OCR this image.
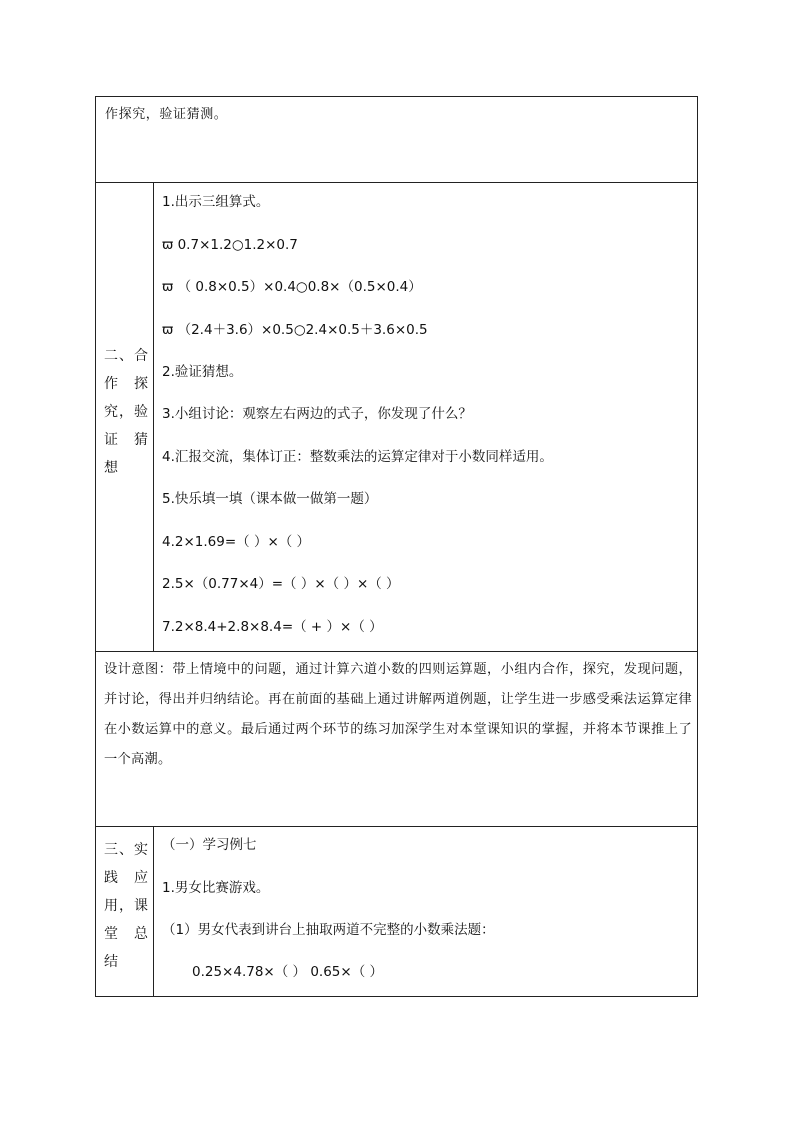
作探究，验证猜测。
二、合
作 探
究，验
证 猜
想
1.出示三组算式。
ϖ 0.7×1.2○1.2×0.7
ϖ （ 0.8×0.5）×0.4○0.8×（0.5×0.4）
ϖ （2.4＋3.6）×0.5○2.4×0.5＋3.6×0.5
2.验证猜想。
3.小组讨论：观察左右两边的式子，你发现了什么？
4.汇报交流，集体订正：整数乘法的运算定律对于小数同样适用。
5.快乐填一填（课本做一做第一题）
4.2×1.69=（ ）×（ ）
2.5×（0.77×4）=（ ）×（ ）×（ ）
7.2×8.4+2.8×8.4=（ + ）×（ ）
设计意图：带上情境中的问题，通过计算六道小数的四则运算题，小组内合作，探究，发现问题，并讨论，得出并归纳结论。再在前面的基础上通过讲解两道例题，让学生进一步感受乘法运算定律在小数运算中的意义。最后通过两个环节的练习加深学生对本堂课知识的掌握，并将本节课推上了一个高潮。
三、实
践 应
用，课
堂 总
结
（一）学习例七
1.男女比赛游戏。
（1）男女代表到讲台上抽取两道不完整的小数乘法题：
0.25×4.78×（ ） 0.65×（ ）
